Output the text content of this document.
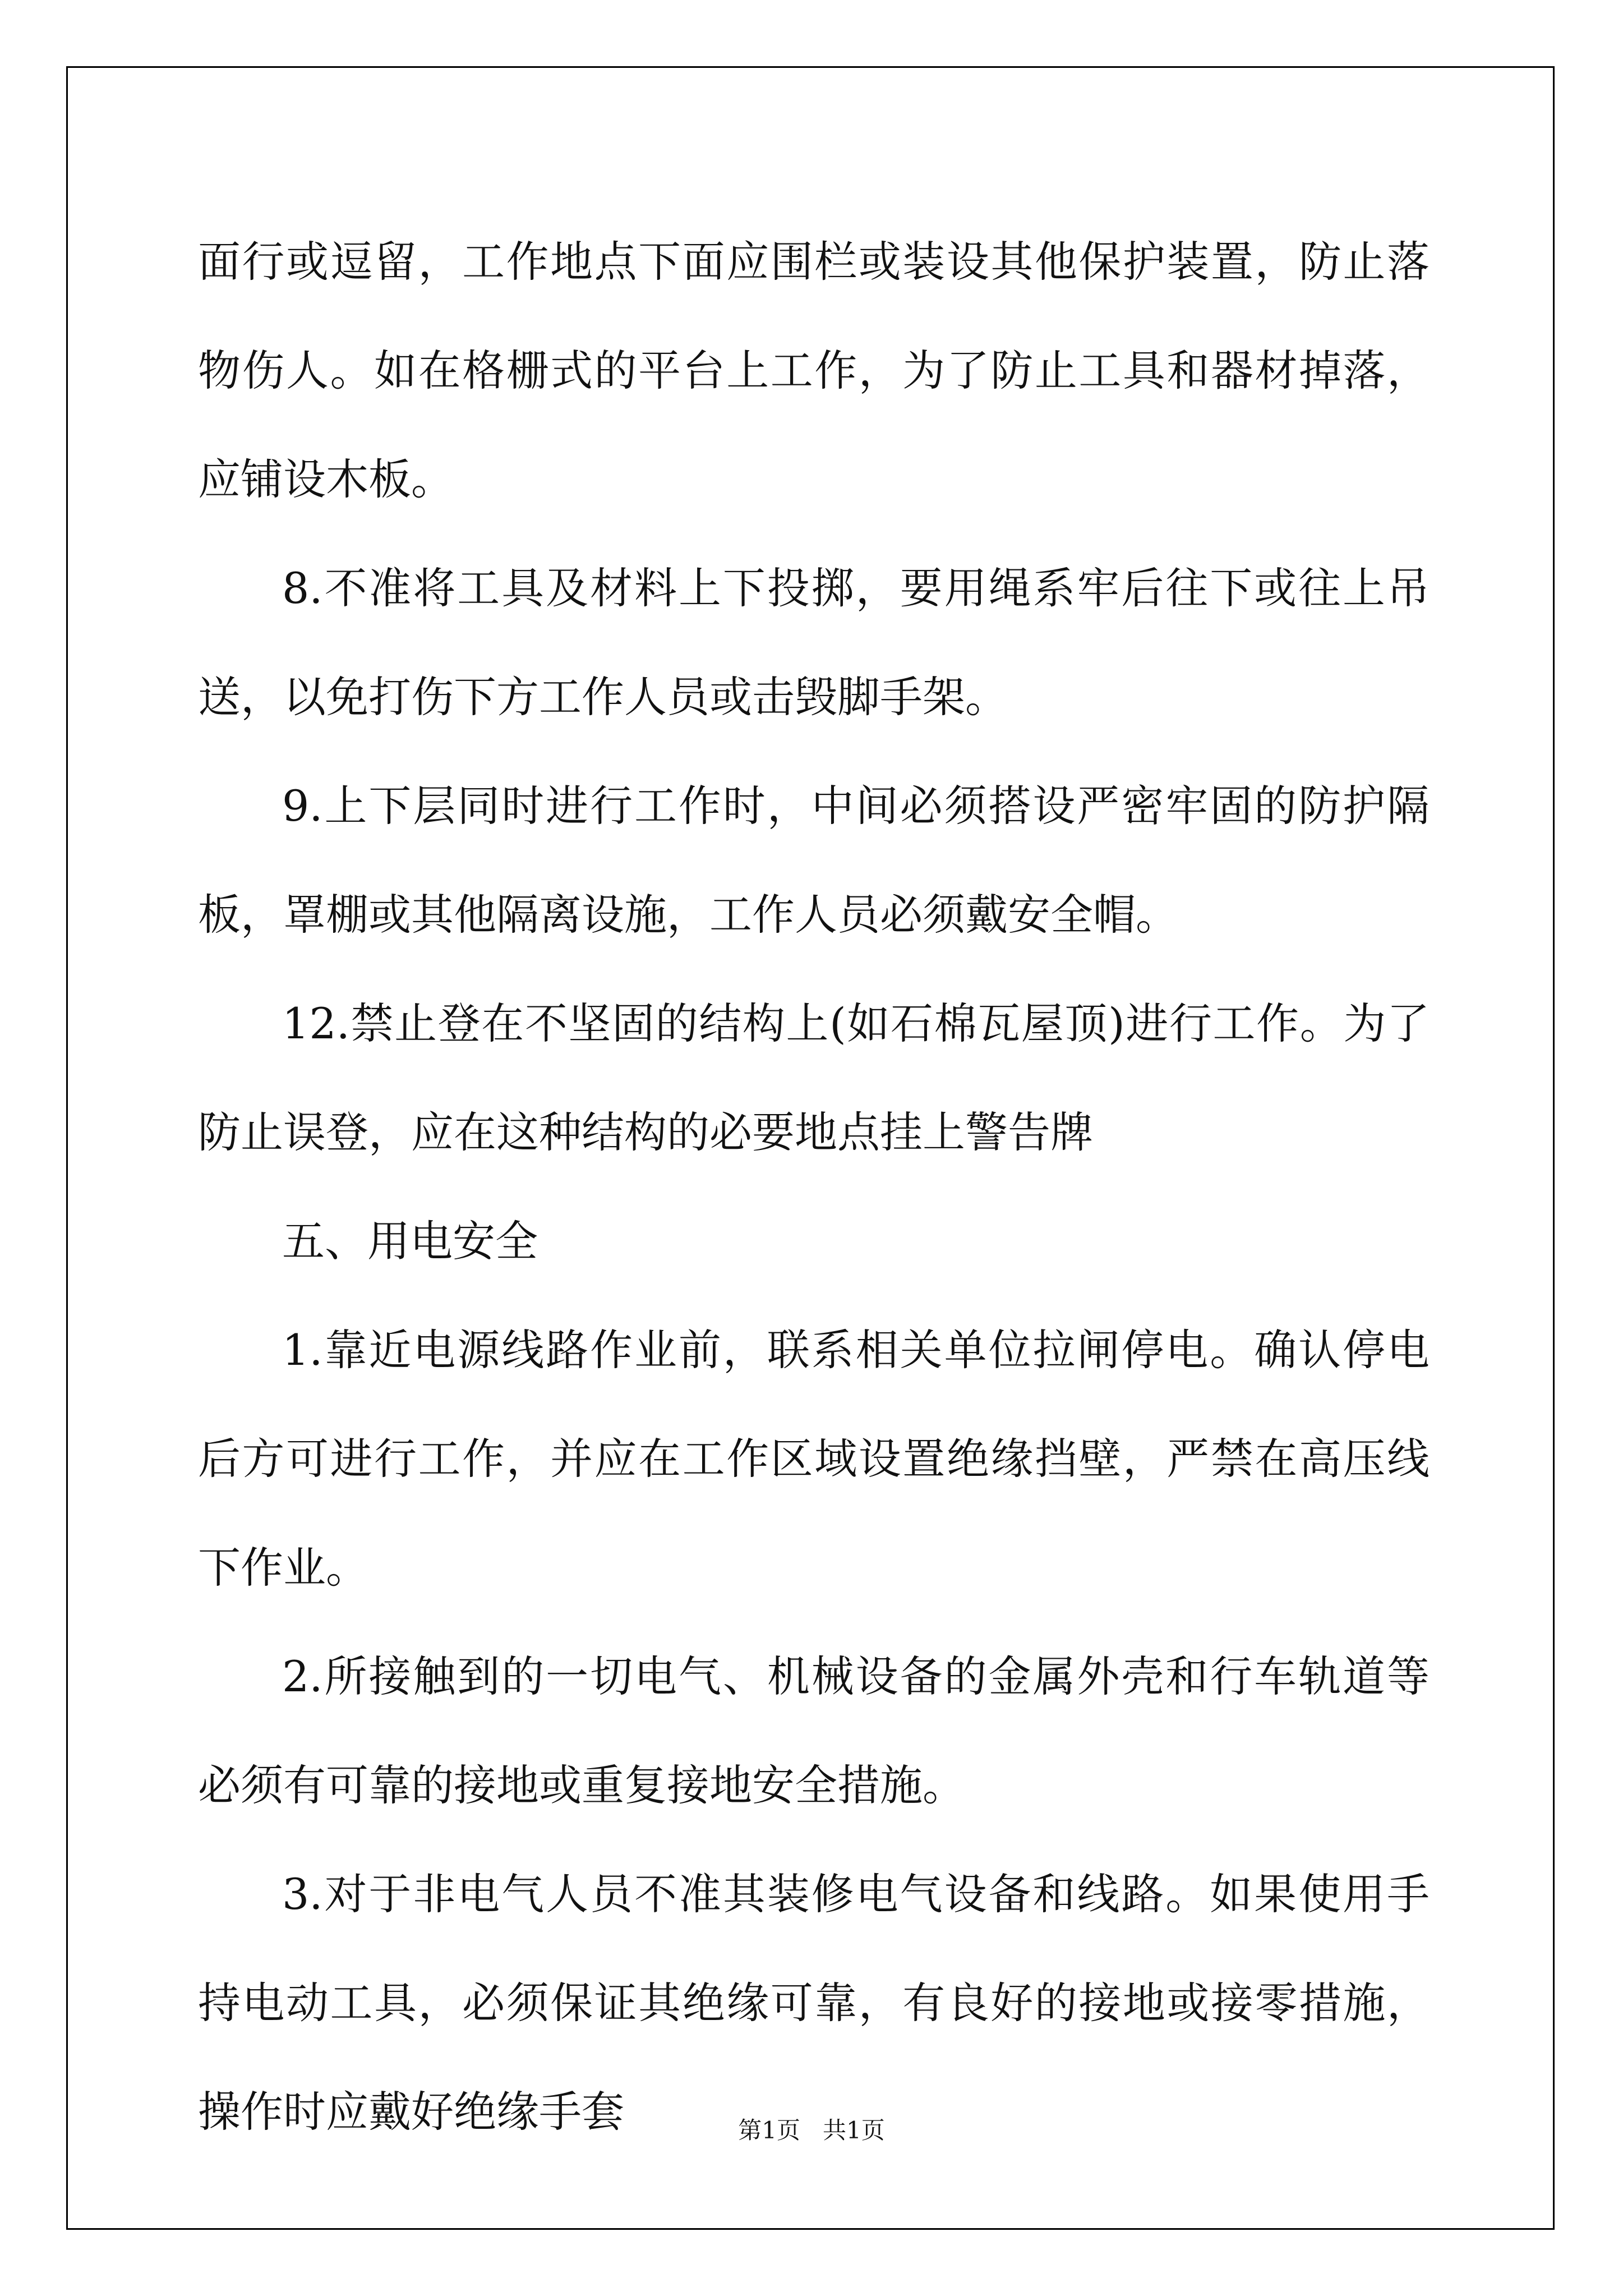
面行或逗留，工作地点下面应围栏或装设其他保护装置，防止落物伤人。如在格栅式的平台上工作，为了防止工具和器材掉落，应铺设木板。

8.不准将工具及材料上下投掷，要用绳系牢后往下或往上吊送，以免打伤下方工作人员或击毁脚手架。

9.上下层同时进行工作时，中间必须搭设严密牢固的防护隔板，罩棚或其他隔离设施，工作人员必须戴安全帽。

12.禁止登在不坚固的结构上(如石棉瓦屋顶)进行工作。为了防止误登，应在这种结构的必要地点挂上警告牌

五、用电安全

1.靠近电源线路作业前，联系相关单位拉闸停电。确认停电后方可进行工作，并应在工作区域设置绝缘挡壁，严禁在高压线下作业。

2.所接触到的一切电气、机械设备的金属外壳和行车轨道等必须有可靠的接地或重复接地安全措施。

3.对于非电气人员不准其装修电气设备和线路。如果使用手持电动工具，必须保证其绝缘可靠，有良好的接地或接零措施，操作时应戴好绝缘手套	第1页 共1页
